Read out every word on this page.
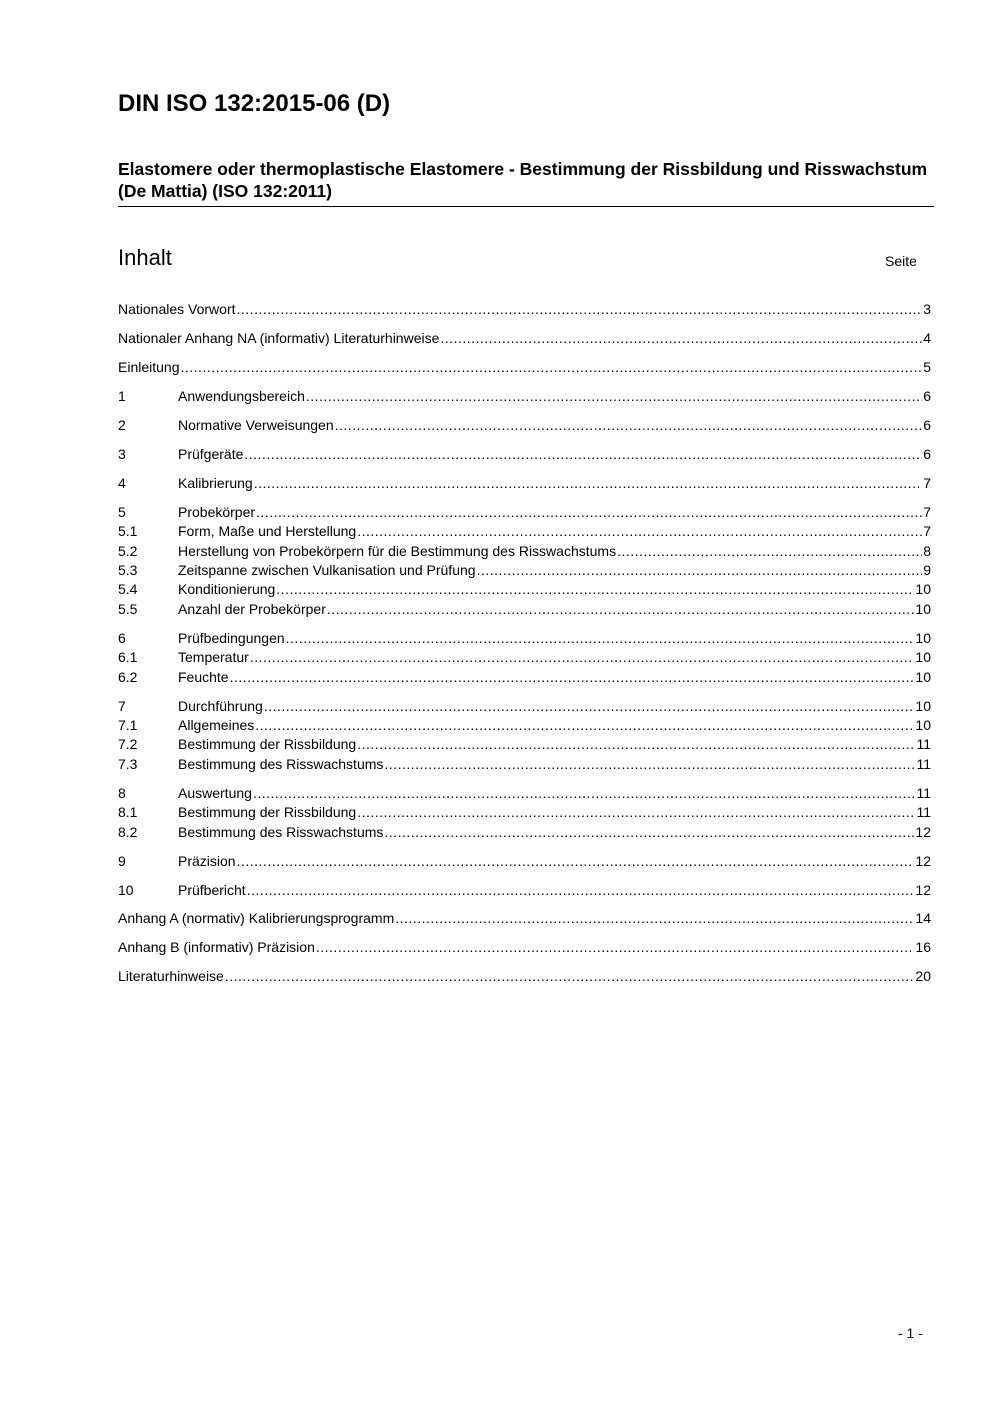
DIN ISO 132:2015-06 (D)
Elastomere oder thermoplastische Elastomere - Bestimmung der Rissbildung und Risswachstum (De Mattia) (ISO 132:2011)
Inhalt	Seite
Nationales Vorwort .....	3
Nationaler Anhang NA (informativ) Literaturhinweise .....	4
Einleitung .....	5
1	Anwendungsbereich .....	6
2	Normative Verweisungen .....	6
3	Prüfgeräte .....	6
4	Kalibrierung .....	7
5	Probekörper .....	7
5.1	Form, Maße und Herstellung .....	7
5.2	Herstellung von Probekörpern für die Bestimmung des Risswachstums .....	8
5.3	Zeitspanne zwischen Vulkanisation und Prüfung .....	9
5.4	Konditionierung .....	10
5.5	Anzahl der Probekörper .....	10
6	Prüfbedingungen .....	10
6.1	Temperatur .....	10
6.2	Feuchte .....	10
7	Durchführung .....	10
7.1	Allgemeines .....	10
7.2	Bestimmung der Rissbildung .....	11
7.3	Bestimmung des Risswachstums .....	11
8	Auswertung .....	11
8.1	Bestimmung der Rissbildung .....	11
8.2	Bestimmung des Risswachstums .....	12
9	Präzision .....	12
10	Prüfbericht .....	12
Anhang A (normativ) Kalibrierungsprogramm .....	14
Anhang B (informativ) Präzision .....	16
Literaturhinweise .....	20
- 1 -
